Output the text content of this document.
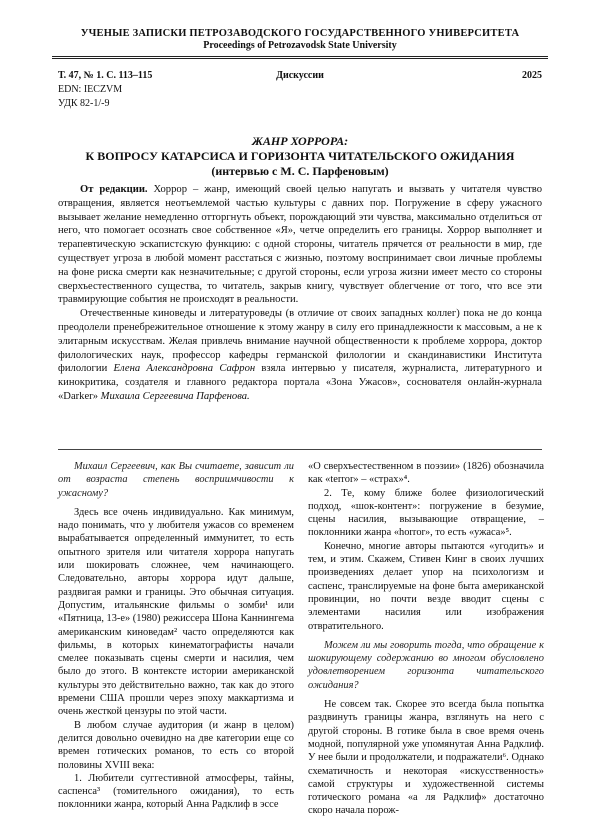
УЧЕНЫЕ ЗАПИСКИ ПЕТРОЗАВОДСКОГО ГОСУДАРСТВЕННОГО УНИВЕРСИТЕТА
Proceedings of Petrozavodsk State University
Т. 47, № 1. С. 113–115	Дискуссии	2025
EDN: IECZVM
УДК 82-1/-9
ЖАНР ХОРРОРА:
К ВОПРОСУ КАТАРСИСА И ГОРИЗОНТА ЧИТАТЕЛЬСКОГО ОЖИДАНИЯ
(интервью с М. С. Парфеновым)

От редакции. Хоррор – жанр, имеющий своей целью напугать и вызвать у читателя чувство отвращения, является неотъемлемой частью культуры с давних пор. Погружение в сферу ужасного вызывает желание немедленно отторгнуть объект, порождающий эти чувства, максимально отделиться от него, что помогает осознать свое собственное «Я», четче определить его границы. Хоррор выполняет и терапевтическую эскапистскую функцию: с одной стороны, читатель прячется от реальности в мир, где существует угроза в любой момент расстаться с жизнью, поэтому воспринимает свои личные проблемы на фоне риска смерти как незначительные; с другой стороны, если угроза жизни имеет место со стороны сверхъестественного существа, то читатель, закрыв книгу, чувствует облегчение от того, что все эти травмирующие события не происходят в реальности.

Отечественные киноведы и литературоведы (в отличие от своих западных коллег) пока не до конца преодолели пренебрежительное отношение к этому жанру в силу его принадлежности к массовым, а не к элитарным искусствам. Желая привлечь внимание научной общественности к проблеме хоррора, доктор филологических наук, профессор кафедры германской филологии и скандинавистики Института филологии Елена Александровна Сафрон взяла интервью у писателя, журналиста, литературного и кинокритика, создателя и главного редактора портала «Зона Ужасов», соснователя онлайн-журнала «Darker» Михаила Сергеевича Парфенова.

Михаил Сергеевич, как Вы считаете, зависит ли от возраста степень восприимчивости к ужасному?

Здесь все очень индивидуально. Как минимум, надо понимать, что у любителя ужасов со временем вырабатывается определенный иммунитет, то есть опытного зрителя или читателя хоррора напугать или шокировать сложнее, чем начинающего. Следовательно, авторы хоррора идут дальше, раздвигая рамки и границы. Это обычная ситуация. Допустим, итальянские фильмы о зомби¹ или «Пятница, 13-е» (1980) режиссера Шона Каннингема американским киноведам² часто определяются как фильмы, в которых кинематографисты начали смелее показывать сцены смерти и насилия, чем было до этого. В контексте истории американской культуры это действительно важно, так как до этого времени США прошли через эпоху маккартизма и очень жесткой цензуры по этой части.

В любом случае аудитория (и жанр в целом) делится довольно очевидно на две категории еще со времен готических романов, то есть со второй половины XVIII века:

1. Любители суггестивной атмосферы, тайны, саспенса³ (томительного ожидания), то есть поклонники жанра, который Анна Радклиф в эссе

«О сверхъестественном в поэзии» (1826) обозначила как «terror» – «страх»⁴.

2. Те, кому ближе более физиологический подход, «шок-контент»: погружение в безумие, сцены насилия, вызывающие отвращение, – поклонники жанра «horror», то есть «ужаса»⁵.

Конечно, многие авторы пытаются «угодить» и тем, и этим. Скажем, Стивен Кинг в своих лучших произведениях делает упор на психологизм и саспенс, транслируемые на фоне быта американской провинции, но почти везде вводит сцены с элементами насилия или изображения отвратительного.

Можем ли мы говорить тогда, что обращение к шокирующему содержанию во многом обусловлено удовлетворением горизонта читательского ожидания?

Не совсем так. Скорее это всегда была попытка раздвинуть границы жанра, взглянуть на него с другой стороны. В готике была в свое время очень модной, популярной уже упомянутая Анна Радклиф. У нее были и продолжатели, и подражатели⁶. Однако схематичность и некоторая «искусственность» самой структуры и художественной системы готического романа «а ля Радклиф» достаточно скоро начала порож-
